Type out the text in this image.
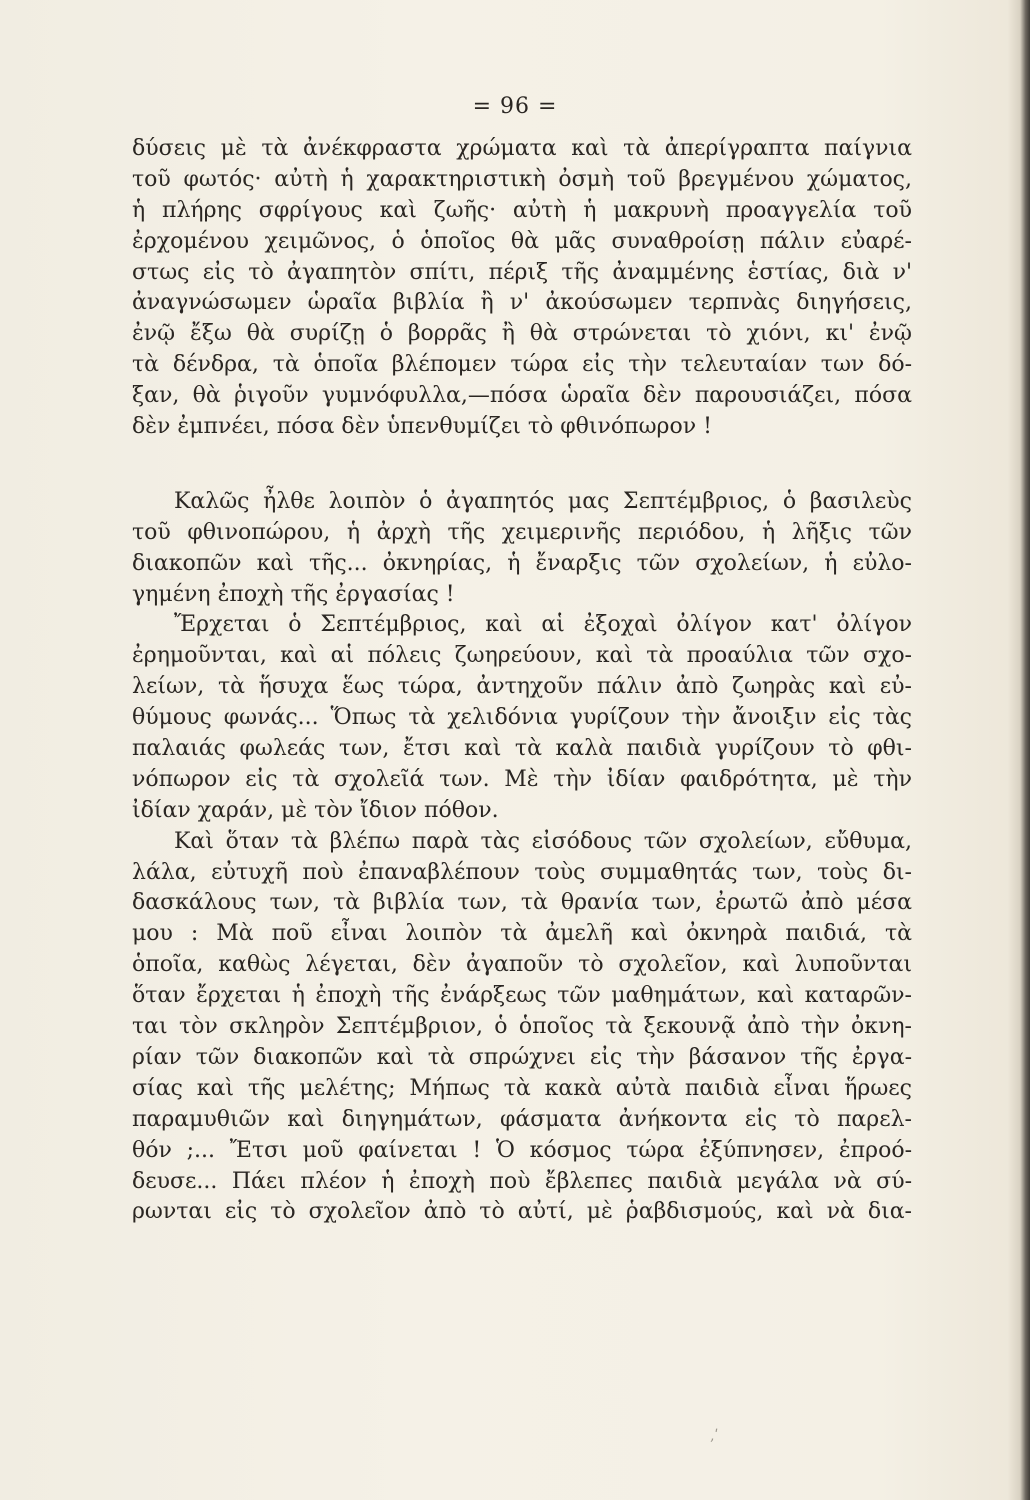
= 96 =
δύσεις μὲ τὰ ἀνέκφραστα χρώματα καὶ τὰ ἀπερίγραπτα παίγνια
τοῦ φωτός· αὐτὴ ἡ χαρακτηριστικὴ ὀσμὴ τοῦ βρεγμένου χώματος,
ἡ πλήρης σφρίγους καὶ ζωῆς· αὐτὴ ἡ μακρυνὴ προαγγελία τοῦ
ἐρχομένου χειμῶνος, ὁ ὁποῖος θὰ μᾶς συναθροίσῃ πάλιν εὐαρέ-
στως εἰς τὸ ἀγαπητὸν σπίτι, πέριξ τῆς ἀναμμένης ἑστίας, διὰ ν'
ἀναγνώσωμεν ὡραῖα βιβλία ἢ ν' ἀκούσωμεν τερπνὰς διηγήσεις,
ἐνῷ ἔξω θὰ συρίζῃ ὁ βορρᾶς ἢ θὰ στρώνεται τὸ χιόνι, κι' ἐνῷ
τὰ δένδρα, τὰ ὁποῖα βλέπομεν τώρα εἰς τὴν τελευταίαν των δό-
ξαν, θὰ ῥιγοῦν γυμνόφυλλα,—πόσα ὡραῖα δὲν παρουσιάζει, πόσα
δὲν ἐμπνέει, πόσα δὲν ὑπενθυμίζει τὸ φθινόπωρον !
Καλῶς ἦλθε λοιπὸν ὁ ἀγαπητός μας Σεπτέμβριος, ὁ βασιλεὺς
τοῦ φθινοπώρου, ἡ ἀρχὴ τῆς χειμερινῆς περιόδου, ἡ λῆξις τῶν
διακοπῶν καὶ τῆς... ὀκνηρίας, ἡ ἔναρξις τῶν σχολείων, ἡ εὐλο-
γημένη ἐποχὴ τῆς ἐργασίας !
Ἔρχεται ὁ Σεπτέμβριος, καὶ αἱ ἐξοχαὶ ὀλίγον κατ' ὀλίγον
ἐρημοῦνται, καὶ αἱ πόλεις ζωηρεύουν, καὶ τὰ προαύλια τῶν σχο-
λείων, τὰ ἥσυχα ἕως τώρα, ἀντηχοῦν πάλιν ἀπὸ ζωηρὰς καὶ εὐ-
θύμους φωνάς... Ὅπως τὰ χελιδόνια γυρίζουν τὴν ἄνοιξιν εἰς τὰς
παλαιάς φωλεάς των, ἔτσι καὶ τὰ καλὰ παιδιὰ γυρίζουν τὸ φθι-
νόπωρον εἰς τὰ σχολεῖά των. Μὲ τὴν ἰδίαν φαιδρότητα, μὲ τὴν
ἰδίαν χαράν, μὲ τὸν ἴδιον πόθον.
Καὶ ὅταν τὰ βλέπω παρὰ τὰς εἰσόδους τῶν σχολείων, εὔθυμα,
λάλα, εὐτυχῆ ποὺ ἐπαναβλέπουν τοὺς συμμαθητάς των, τοὺς δι-
δασκάλους των, τὰ βιβλία των, τὰ θρανία των, ἐρωτῶ ἀπὸ μέσα
μου : Μὰ ποῦ εἶναι λοιπὸν τὰ ἀμελῆ καὶ ὀκνηρὰ παιδιά, τὰ
ὁποῖα, καθὼς λέγεται, δὲν ἀγαποῦν τὸ σχολεῖον, καὶ λυποῦνται
ὅταν ἔρχεται ἡ ἐποχὴ τῆς ἐνάρξεως τῶν μαθημάτων, καὶ καταρῶν-
ται τὸν σκληρὸν Σεπτέμβριον, ὁ ὁποῖος τὰ ξεκουνᾷ ἀπὸ τὴν ὀκνη-
ρίαν τῶν διακοπῶν καὶ τὰ σπρώχνει εἰς τὴν βάσανον τῆς ἐργα-
σίας καὶ τῆς μελέτης; Μήπως τὰ κακὰ αὐτὰ παιδιὰ εἶναι ἥρωες
παραμυθιῶν καὶ διηγημάτων, φάσματα ἀνήκοντα εἰς τὸ παρελ-
θόν ;... Ἔτσι μοῦ φαίνεται ! Ὁ κόσμος τώρα ἐξύπνησεν, ἐπροό-
δευσε... Πάει πλέον ἡ ἐποχὴ ποὺ ἔβλεπες παιδιὰ μεγάλα νὰ σύ-
ρωνται εἰς τὸ σχολεῖον ἀπὸ τὸ αὐτί, μὲ ῥαβδισμούς, καὶ νὰ δια-
‚ʹ
